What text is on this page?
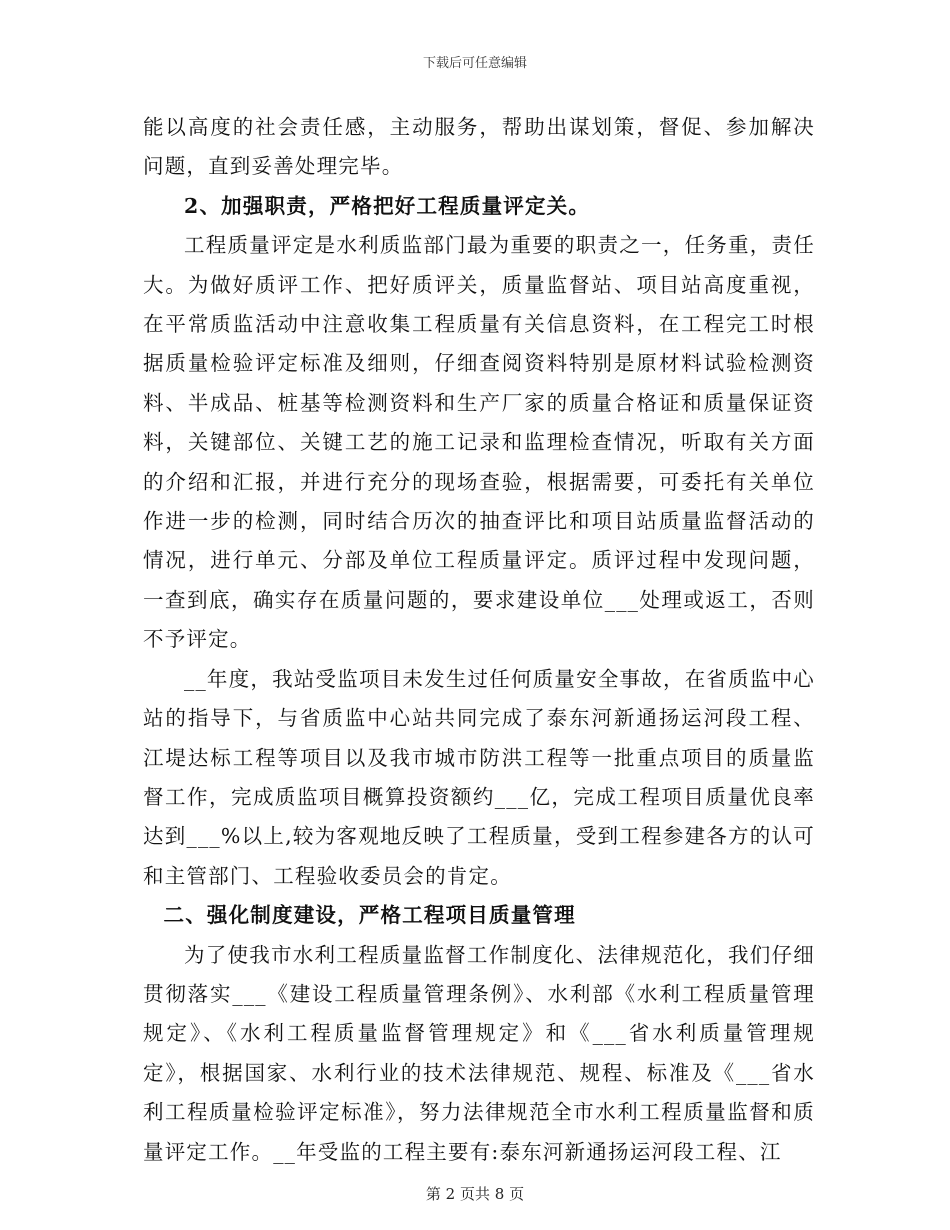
下载后可任意编辑

能以高度的社会责任感，主动服务，帮助出谋划策，督促、参加解决问题，直到妥善处理完毕。

2、加强职责，严格把好工程质量评定关。

工程质量评定是水利质监部门最为重要的职责之一，任务重，责任大。为做好质评工作、把好质评关，质量监督站、项目站高度重视，在平常质监活动中注意收集工程质量有关信息资料，在工程完工时根据质量检验评定标准及细则，仔细查阅资料特别是原材料试验检测资料、半成品、桩基等检测资料和生产厂家的质量合格证和质量保证资料，关键部位、关键工艺的施工记录和监理检查情况，听取有关方面的介绍和汇报，并进行充分的现场查验，根据需要，可委托有关单位作进一步的检测，同时结合历次的抽查评比和项目站质量监督活动的情况，进行单元、分部及单位工程质量评定。质评过程中发现问题，一查到底，确实存在质量问题的，要求建设单位___处理或返工，否则不予评定。

__年度，我站受监项目未发生过任何质量安全事故，在省质监中心站的指导下，与省质监中心站共同完成了泰东河新通扬运河段工程、江堤达标工程等项目以及我市城市防洪工程等一批重点项目的质量监督工作，完成质监项目概算投资额约___亿，完成工程项目质量优良率达到___%以上,较为客观地反映了工程质量，受到工程参建各方的认可和主管部门、工程验收委员会的肯定。

二、强化制度建设，严格工程项目质量管理

为了使我市水利工程质量监督工作制度化、法律规范化，我们仔细贯彻落实___《建设工程质量管理条例》、水利部《水利工程质量管理规定》、《水利工程质量监督管理规定》和《___省水利质量管理规定》，根据国家、水利行业的技术法律规范、规程、标准及《___省水利工程质量检验评定标准》，努力法律规范全市水利工程质量监督和质量评定工作。__年受监的工程主要有:泰东河新通扬运河段工程、江

第 2 页共 8 页
